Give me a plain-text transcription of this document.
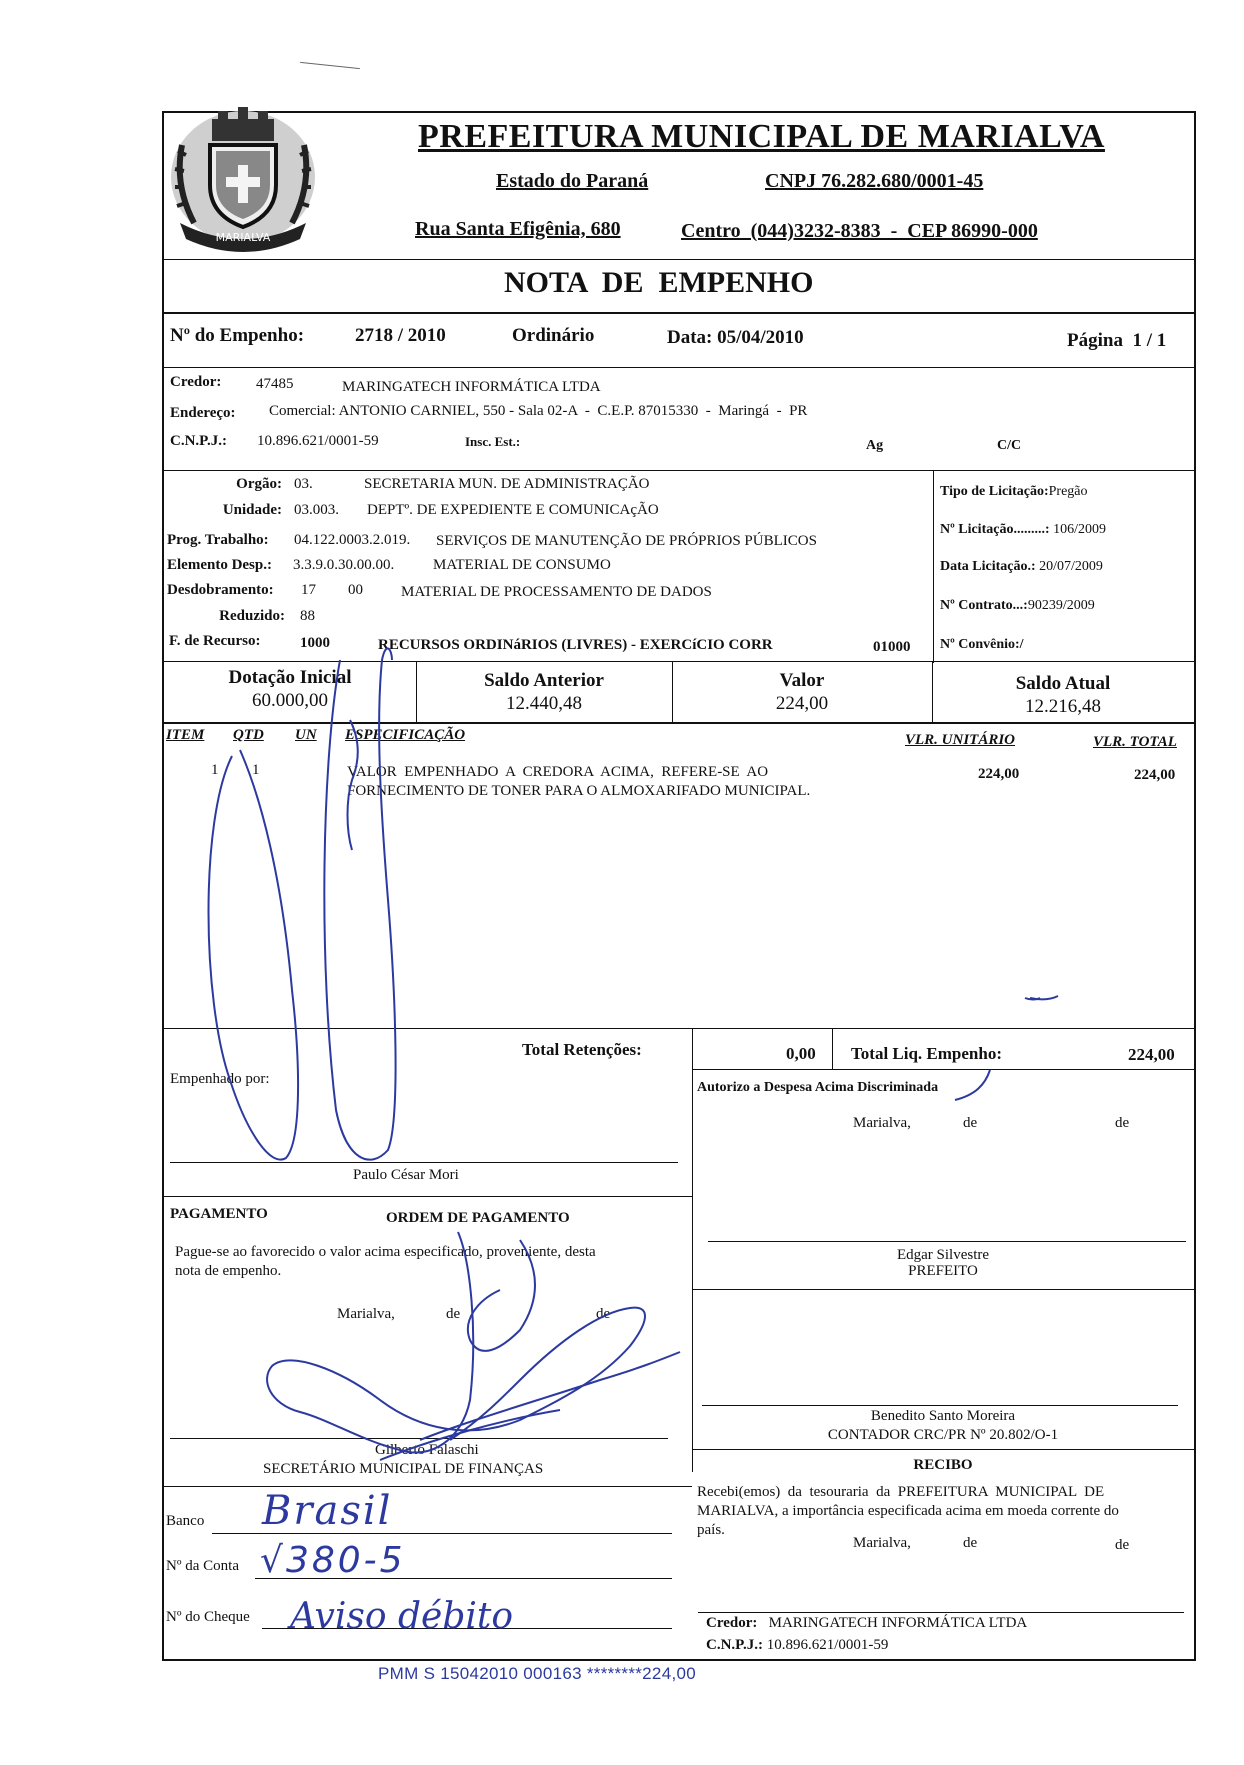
MARIALVA
PREFEITURA MUNICIPAL DE MARIALVA
Estado do Paraná	CNPJ 76.282.680/0001-45
Rua Santa Efigênia, 680	Centro  (044)3232-8383  -  CEP 86990-000
NOTA  DE  EMPENHO
Nº do Empenho:	2718 / 2010	Ordinário	Data: 05/04/2010	Página  1 / 1
Credor: 47485	MARINGATECH INFORMÁTICA LTDA
Endereço: Comercial: ANTONIO CARNIEL, 550 - Sala 02-A  -  C.E.P. 87015330  -  Maringá  -  PR
C.N.P.J.: 10.896.621/0001-59	Insc. Est.:	Ag	C/C
Orgão: 03.	SECRETARIA MUN. DE ADMINISTRAÇÃO
Unidade: 03.003. DEPTº. DE EXPEDIENTE E COMUNICAçÃO
Prog. Trabalho: 04.122.0003.2.019. SERVIÇOS DE MANUTENÇÃO DE PRÓPRIOS PÚBLICOS
Elemento Desp.: 3.3.9.0.30.00.00.	MATERIAL DE CONSUMO
Desdobramento: 17 00	MATERIAL DE PROCESSAMENTO DE DADOS
Reduzido: 88
F. de Recurso:	1000	RECURSOS ORDINáRIOS (LIVRES) - EXERCíCIO CORR	01000
Tipo de Licitação:Pregão
Nº Licitação.........: 106/2009
Data Licitação.: 20/07/2009
Nº Contrato...:90239/2009
Nº Convênio:/
Dotação Inicial
60.000,00
Saldo Anterior
12.440,48
Valor
224,00
Saldo Atual
12.216,48
ITEM QTD UN ESPECIFICAÇÃO	VLR. UNITÁRIO	VLR. TOTAL
1 1	VALOR  EMPENHADO  A  CREDORA  ACIMA,  REFERE-SE  AO
FORNECIMENTO DE TONER PARA O ALMOXARIFADO MUNICIPAL.
224,00	224,00
Total Retenções:	0,00 Total Liq. Empenho:	224,00
Empenhado por:
Paulo César Mori
Autorizo a Despesa Acima Discriminada
Marialva,	de	de
Edgar Silvestre
PREFEITO
PAGAMENTO	ORDEM DE PAGAMENTO
Pague-se ao favorecido o valor acima especificado, proveniente, desta
nota de empenho.
Marialva,	de	de
Gilberto Falaschi
SECRETÁRIO MUNICIPAL DE FINANÇAS
Benedito Santo Moreira
CONTADOR CRC/PR Nº 20.802/O-1
RECIBO
Recebi(emos)  da  tesouraria  da  PREFEITURA  MUNICIPAL  DE
MARIALVA, a importância especificada acima em moeda corrente do
país.
Marialva,	de	de
Credor: MARINGATECH INFORMÁTICA LTDA
C.N.P.J.: 10.896.621/0001-59
Banco
Nº da Conta
Nº do Cheque
Brasil
√380-5
Aviso débito
PMM S 15042010 000163 ********224,00
